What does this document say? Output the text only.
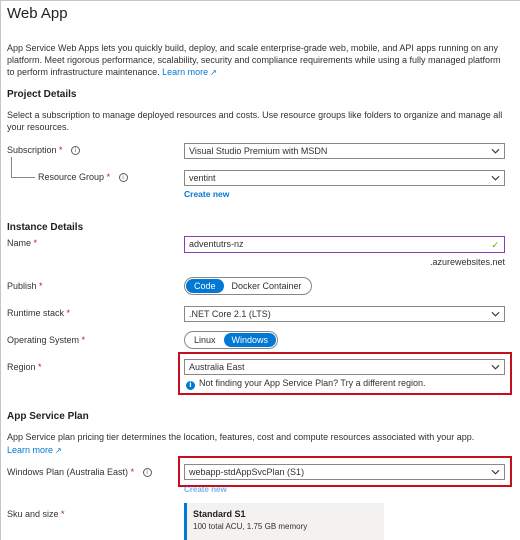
Web App
App Service Web Apps lets you quickly build, deploy, and scale enterprise-grade web, mobile, and API apps running on any platform. Meet rigorous performance, scalability, security and compliance requirements while using a fully managed platform to perform infrastructure maintenance. Learn more ↗
Project Details
Select a subscription to manage deployed resources and costs. Use resource groups like folders to organize and manage all your resources.
Subscription * i	Visual Studio Premium with MSDN
Resource Group * i	ventint
Create new
Instance Details
Name *	adventutrs-nz	✓
.azurewebsites.net
Publish *	Code	Docker Container
Runtime stack *	.NET Core 2.1 (LTS)
Operating System *	Linux	Windows
Region *	Australia East
i Not finding your App Service Plan? Try a different region.
App Service Plan
App Service plan pricing tier determines the location, features, cost and compute resources associated with your app.
Learn more ↗
Windows Plan (Australia East) * i	webapp-stdAppSvcPlan (S1)
Create new
Sku and size *	Standard S1
100 total ACU, 1.75 GB memory
